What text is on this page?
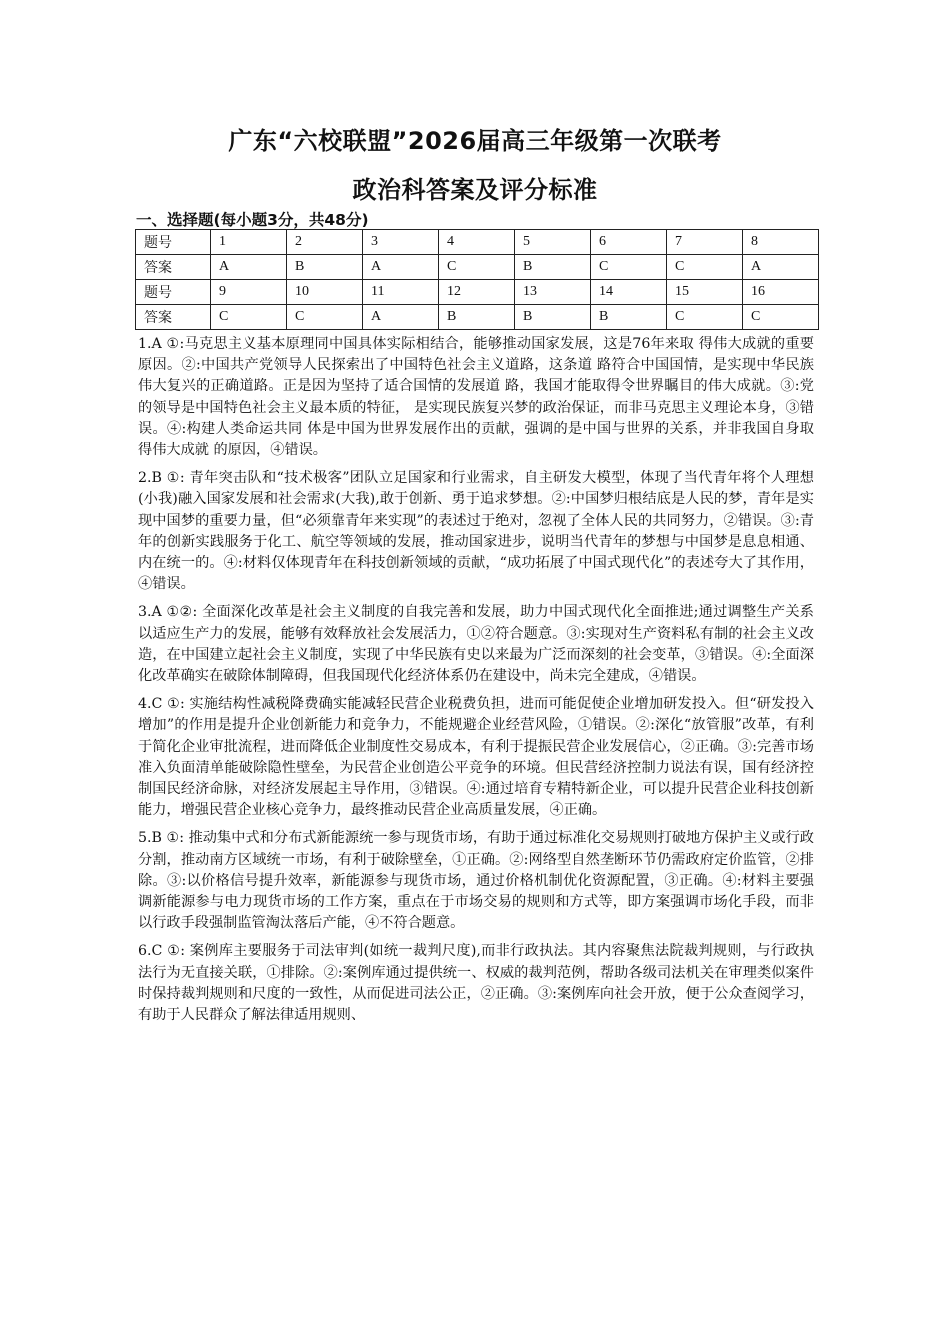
广东“六校联盟”2026届高三年级第一次联考
政治科答案及评分标准
一、选择题(每小题3分，共48分)
题号	1	2	3	4	5	6	7	8
答案	A	B	A	C	B	C	C	A
题号	9	10	11	12	13	14	15	16
答案	C	C	A	B	B	B	C	C

1.A ①:马克思主义基本原理同中国具体实际相结合，能够推动国家发展，这是76年来取 得伟大成就的重要原因。②:中国共产党领导人民探索出了中国特色社会主义道路，这条道 路符合中国国情，是实现中华民族伟大复兴的正确道路。正是因为坚持了适合国情的发展道 路，我国才能取得令世界瞩目的伟大成就。③:党的领导是中国特色社会主义最本质的特征， 是实现民族复兴梦的政治保证，而非马克思主义理论本身，③错误。④:构建人类命运共同 体是中国为世界发展作出的贡献，强调的是中国与世界的关系，并非我国自身取得伟大成就 的原因，④错误。

2.B ①: 青年突击队和“技术极客”团队立足国家和行业需求，自主研发大模型，体现了当代青年将个人理想(小我)融入国家发展和社会需求(大我),敢于创新、勇于追求梦想。②:中国梦归根结底是人民的梦，青年是实现中国梦的重要力量，但“必须靠青年来实现”的表述过于绝对，忽视了全体人民的共同努力，②错误。③:青年的创新实践服务于化工、航空等领域的发展，推动国家进步，说明当代青年的梦想与中国梦是息息相通、内在统一的。④:材料仅体现青年在科技创新领域的贡献，“成功拓展了中国式现代化”的表述夸大了其作用，④错误。

3.A ①②: 全面深化改革是社会主义制度的自我完善和发展，助力中国式现代化全面推进;通过调整生产关系以适应生产力的发展，能够有效释放社会发展活力，①②符合题意。③:实现对生产资料私有制的社会主义改造，在中国建立起社会主义制度，实现了中华民族有史以来最为广泛而深刻的社会变革，③错误。④:全面深化改革确实在破除体制障碍，但我国现代化经济体系仍在建设中，尚未完全建成，④错误。

4.C ①: 实施结构性减税降费确实能减轻民营企业税费负担，进而可能促使企业增加研发投入。但“研发投入增加”的作用是提升企业创新能力和竞争力，不能规避企业经营风险，①错误。②:深化“放管服”改革，有利于简化企业审批流程，进而降低企业制度性交易成本，有利于提振民营企业发展信心，②正确。③:完善市场准入负面清单能破除隐性壁垒，为民营企业创造公平竞争的环境。但民营经济控制力说法有误，国有经济控制国民经济命脉，对经济发展起主导作用，③错误。④:通过培育专精特新企业，可以提升民营企业科技创新能力，增强民营企业核心竞争力，最终推动民营企业高质量发展，④正确。

5.B ①: 推动集中式和分布式新能源统一参与现货市场，有助于通过标准化交易规则打破地方保护主义或行政分割，推动南方区域统一市场，有利于破除壁垒，①正确。②:网络型自然垄断环节仍需政府定价监管，②排除。③:以价格信号提升效率，新能源参与现货市场，通过价格机制优化资源配置，③正确。④:材料主要强调新能源参与电力现货市场的工作方案，重点在于市场交易的规则和方式等，即方案强调市场化手段，而非以行政手段强制监管淘汰落后产能，④不符合题意。

6.C ①: 案例库主要服务于司法审判(如统一裁判尺度),而非行政执法。其内容聚焦法院裁判规则，与行政执法行为无直接关联，①排除。②:案例库通过提供统一、权威的裁判范例，帮助各级司法机关在审理类似案件时保持裁判规则和尺度的一致性，从而促进司法公正，②正确。③:案例库向社会开放，便于公众查阅学习，有助于人民群众了解法律适用规则、
